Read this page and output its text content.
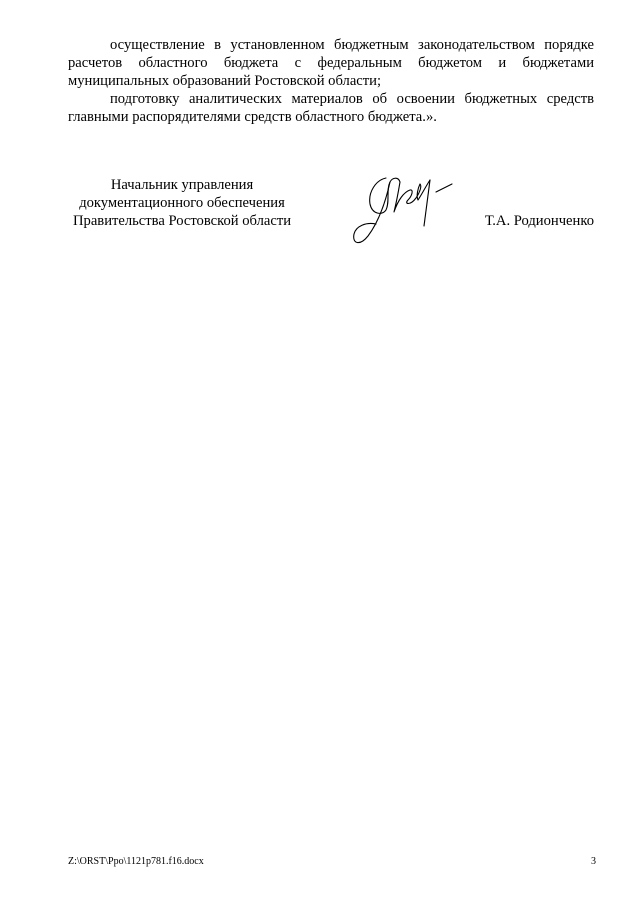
осуществление в установленном бюджетным законодательством порядке расчетов областного бюджета с федеральным бюджетом и бюджетами муниципальных образований Ростовской области;

подготовку аналитических материалов об освоении бюджетных средств главными распорядителями средств областного бюджета.».

Начальник управления
документационного обеспечения
Правительства Ростовской области	Т.А. Родионченко
Z:\ORST\Ppo\1121p781.f16.docx	3
